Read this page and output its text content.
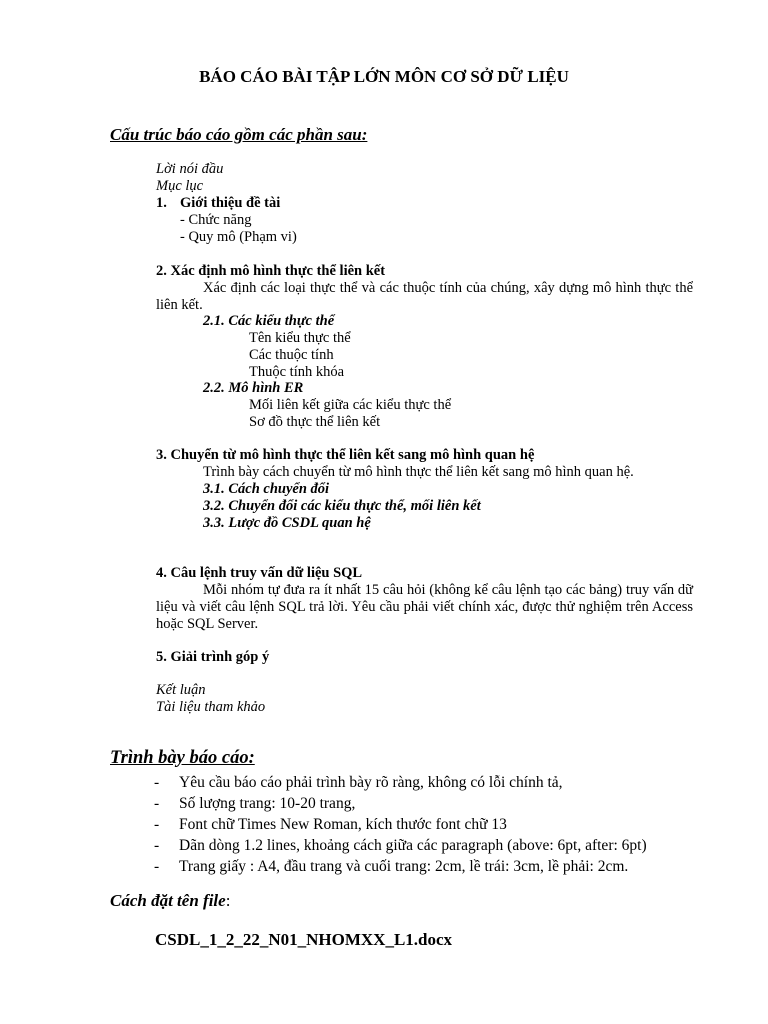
BÁO CÁO BÀI TẬP LỚN MÔN CƠ SỞ DỮ LIỆU
Cấu trúc báo cáo gồm các phần sau:
Lời nói đầu
Mục lục
1. Giới thiệu đề tài
- Chức năng
- Quy mô (Phạm vi)
2. Xác định mô hình thực thể liên kết
Xác định các loại thực thể và các thuộc tính của chúng, xây dựng mô hình thực thể liên kết.
2.1. Các kiểu thực thể
Tên kiểu thực thể
Các thuộc tính
Thuộc tính khóa
2.2. Mô hình ER
Mối liên kết giữa các kiểu thực thể
Sơ đồ thực thể liên kết
3. Chuyển từ mô hình thực thể liên kết sang mô hình quan hệ
Trình bày cách chuyển từ mô hình thực thể liên kết sang mô hình quan hệ.
3.1. Cách chuyển đổi
3.2. Chuyển đổi các kiểu thực thể, mối liên kết
3.3. Lược đồ CSDL quan hệ
4. Câu lệnh truy vấn dữ liệu SQL
Mỗi nhóm tự đưa ra ít nhất 15 câu hỏi (không kể câu lệnh tạo các bảng) truy vấn dữ liệu và viết câu lệnh SQL trả lời. Yêu cầu phải viết chính xác, được thử nghiệm trên Access hoặc SQL Server.
5. Giải trình góp ý
Kết luận
Tài liệu tham khảo
Trình bày báo cáo:
- Yêu cầu báo cáo phải trình bày rõ ràng, không có lỗi chính tả,
- Số lượng trang: 10-20 trang,
- Font chữ Times New Roman, kích thước font chữ 13
- Dãn dòng 1.2 lines, khoảng cách giữa các paragraph (above: 6pt, after: 6pt)
- Trang giấy : A4, đầu trang và cuối trang: 2cm, lề trái: 3cm, lề phải: 2cm.
Cách đặt tên file:
CSDL_1_2_22_N01_NHOMXX_L1.docx
